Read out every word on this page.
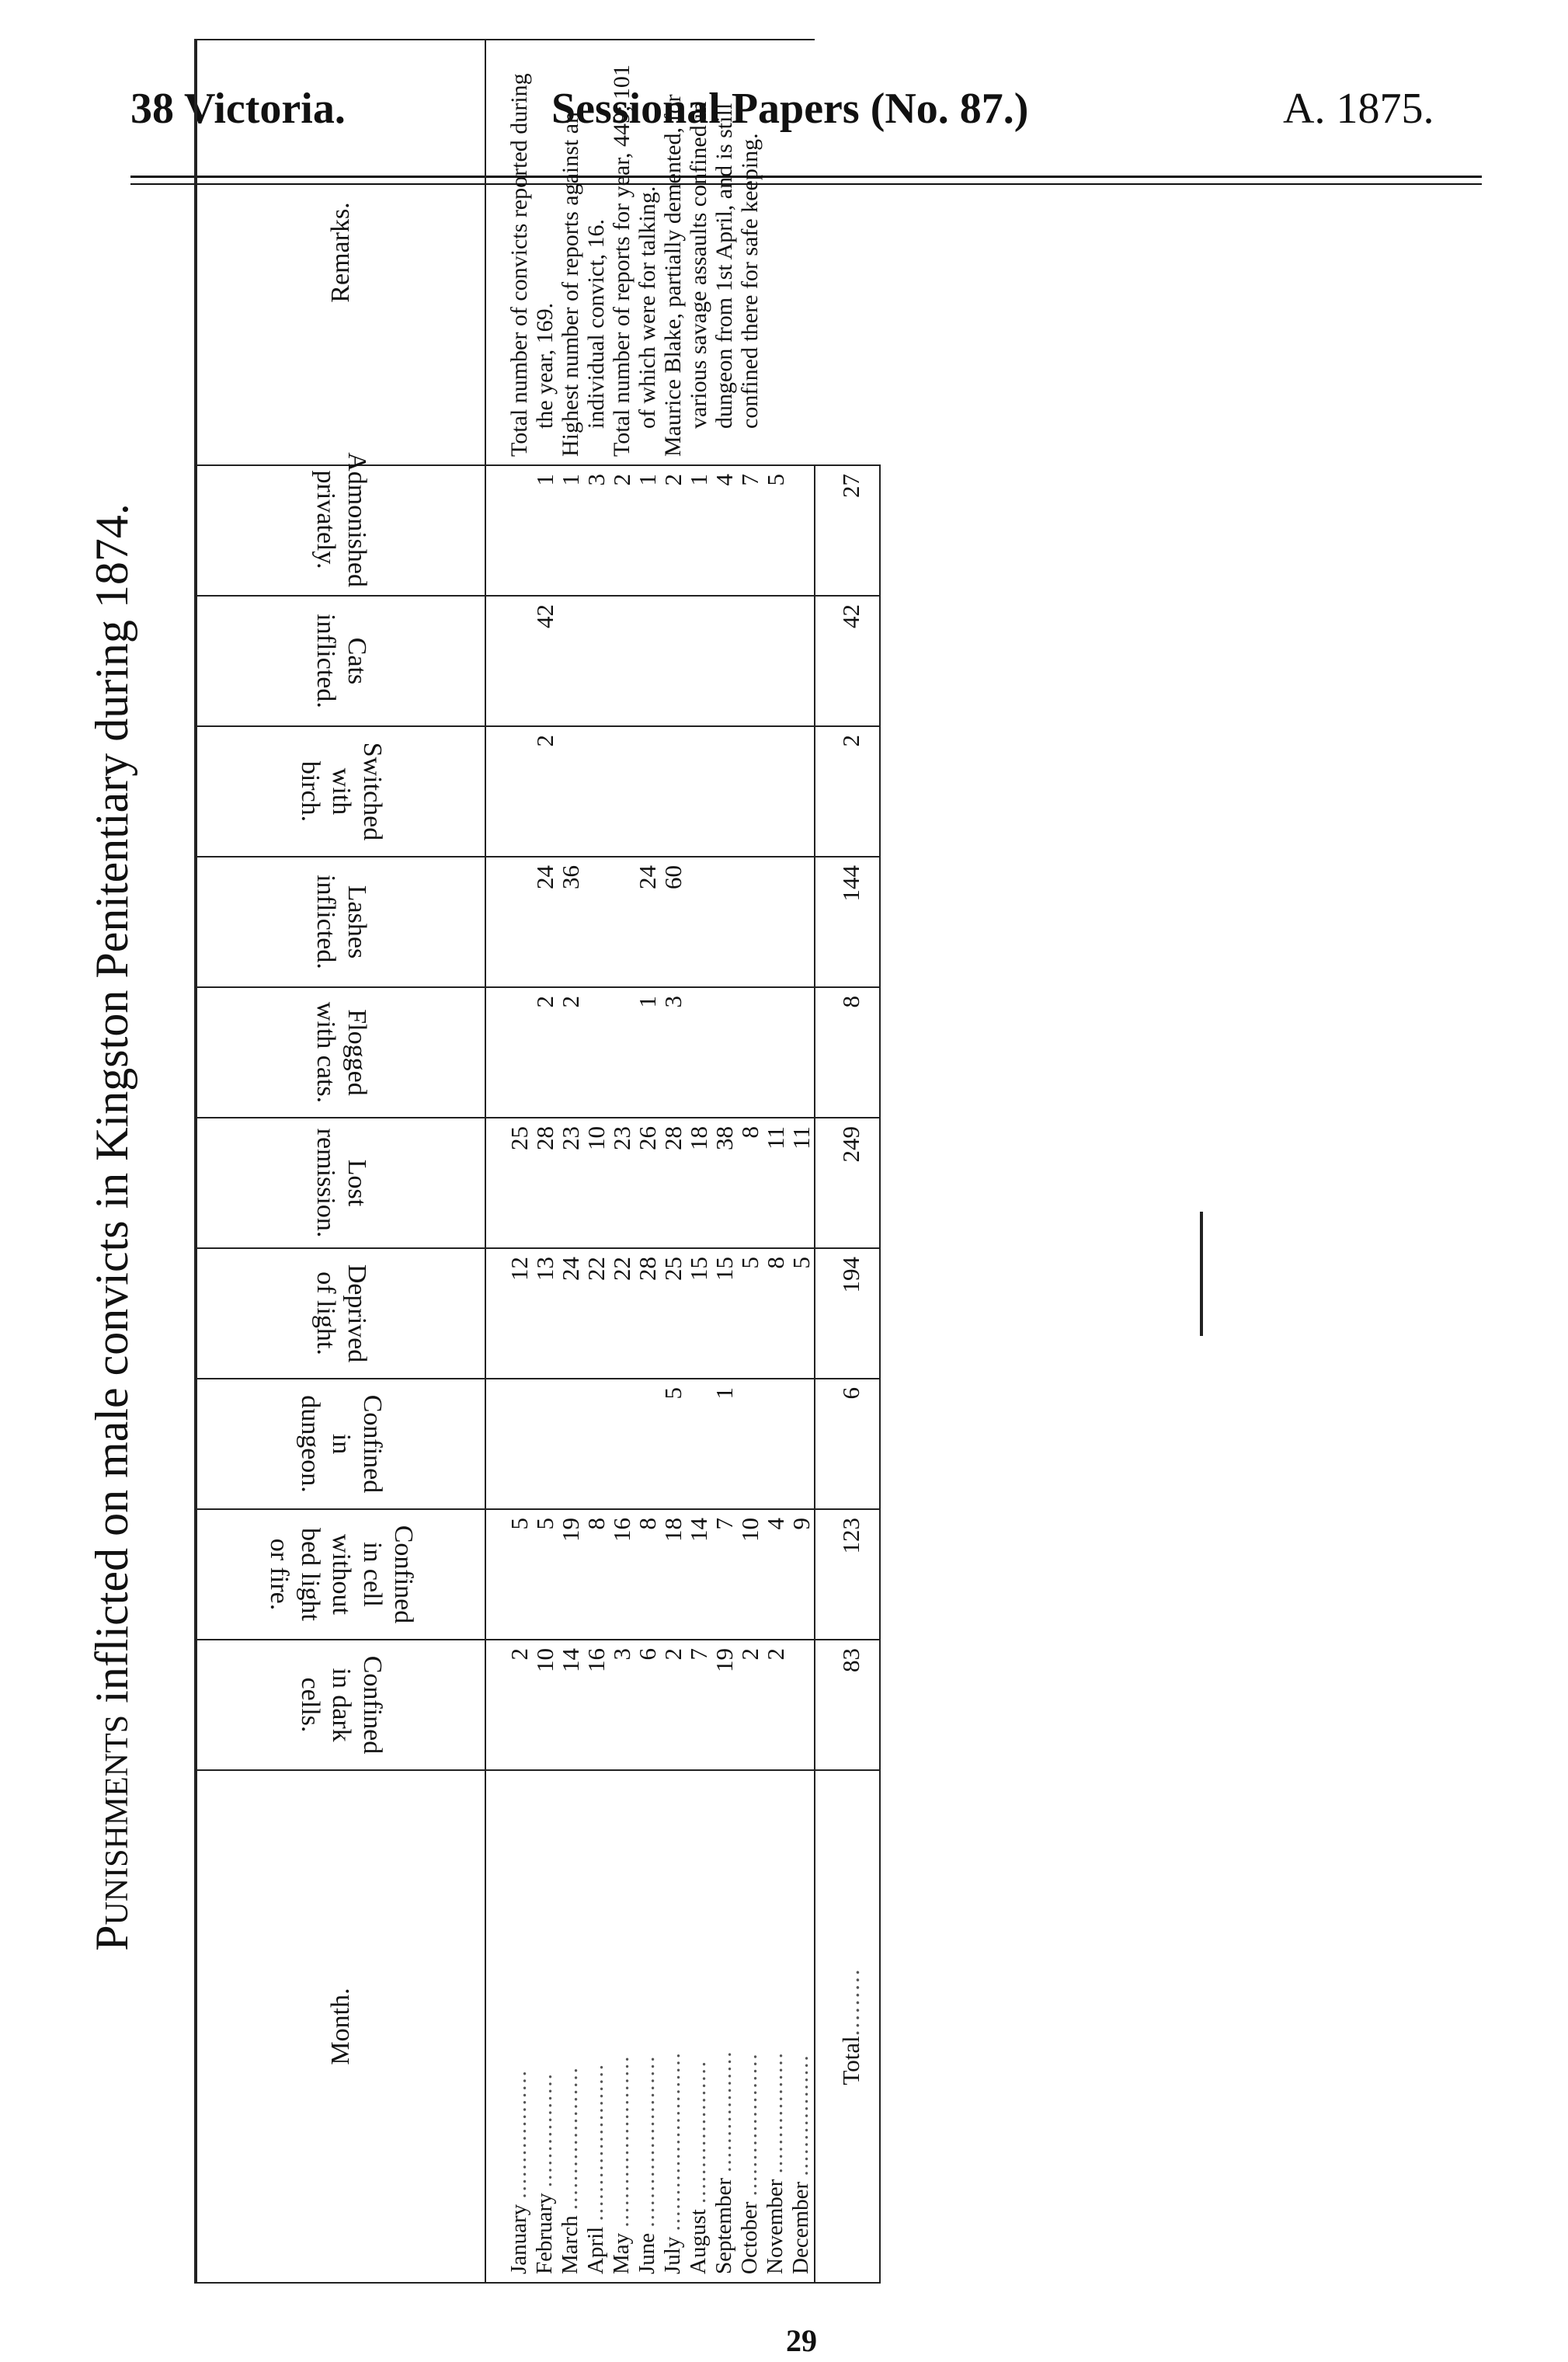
38 Victoria.	Sessional Papers (No. 87.)	A. 1875.
Punishments inflicted on male convicts in Kingston Penitentiary during 1874.
Month.	Confined in dark cells.	Confined in cell without bed light or fire.	Confined in dungeon.	Deprived of light.	Lost remission.	Flogged with cats.	Lashes inflicted.	Switched with birch.	Cats inflicted.	Admonished privately.	Remarks.
January ..................	2	5		12	25						Total number of convicts reported during the year, 169. Highest number of reports against an individual convict, 16. Total number of reports for year, 449; 101 of which were for talking. Maurice Blake, partially demented, for various savage assaults confined in dungeon from 1st April, and is still confined there for safe keeping.

February ................	10	5		13	28	2	24	2	42	1	
March ....................	14	19		24	23	2	36			1	
April ......................	16	8		22	10					3	
May ........................	3	16		22	23					2	
June ........................	6	8		28	26	1	24			1	
July .........................	2	18	5	25	28	3	60			2	
August ....................	7	14		15	18					1	
September .................	19	7	1	15	38					4	
October ....................	2	10		5	8					7	
November .................	2	4		8	11					5	
December .................		9		5	11						
Total.........	83	123	6	194	249	8	144	2	42	27	
29
